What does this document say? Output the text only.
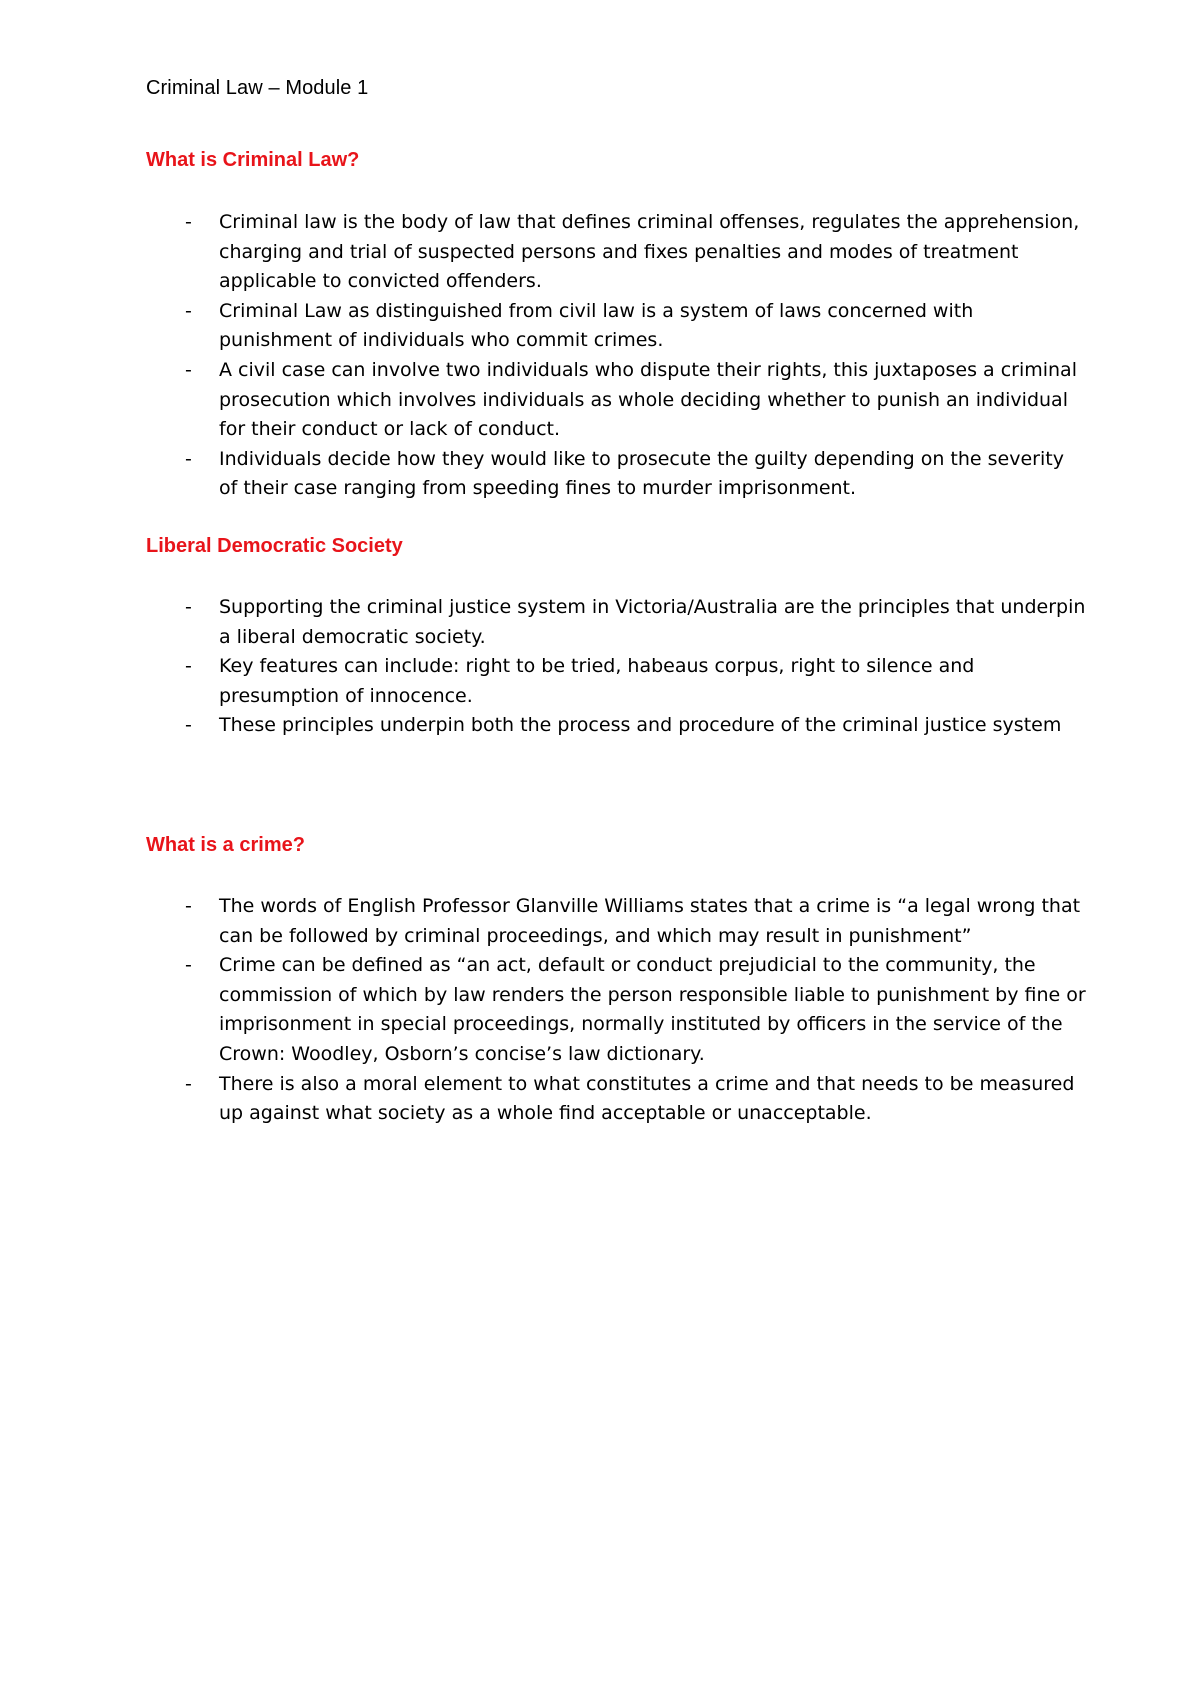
Criminal Law – Module 1
What is Criminal Law?
- Criminal law is the body of law that defines criminal offenses, regulates the apprehension, charging and trial of suspected persons and fixes penalties and modes of treatment applicable to convicted offenders.
- Criminal Law as distinguished from civil law is a system of laws concerned with punishment of individuals who commit crimes.
- A civil case can involve two individuals who dispute their rights, this juxtaposes a criminal prosecution which involves individuals as whole deciding whether to punish an individual for their conduct or lack of conduct.
- Individuals decide how they would like to prosecute the guilty depending on the severity of their case ranging from speeding fines to murder imprisonment.
Liberal Democratic Society
- Supporting the criminal justice system in Victoria/Australia are the principles that underpin a liberal democratic society.
- Key features can include: right to be tried, habeaus corpus, right to silence and presumption of innocence.
- These principles underpin both the process and procedure of the criminal justice system
What is a crime?
- The words of English Professor Glanville Williams states that a crime is “a legal wrong that can be followed by criminal proceedings, and which may result in punishment”
- Crime can be defined as “an act, default or conduct prejudicial to the community, the commission of which by law renders the person responsible liable to punishment by fine or imprisonment in special proceedings, normally instituted by officers in the service of the Crown: Woodley, Osborn’s concise’s law dictionary.
- There is also a moral element to what constitutes a crime and that needs to be measured up against what society as a whole find acceptable or unacceptable.
